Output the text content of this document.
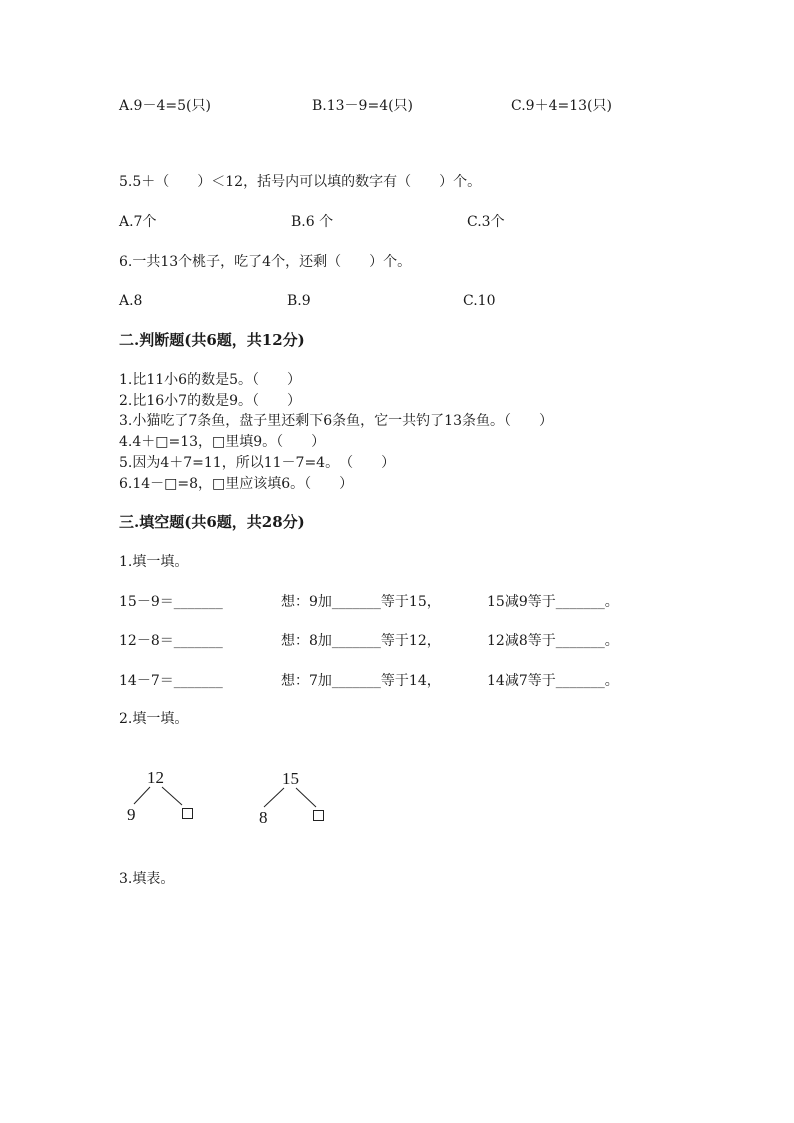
A.9－4=5(只)	B.13－9=4(只)	C.9＋4=13(只)
5.5＋（　　）＜12，括号内可以填的数字有（　　）个。
A.7个	B.6 个	C.3个
6.一共13个桃子，吃了4个，还剩（　　）个。
A.8	B.9	C.10
二.判断题(共6题，共12分)
1.比11小6的数是5。（　　）
2.比16小7的数是9。（　　）
3.小猫吃了7条鱼，盘子里还剩下6条鱼，它一共钓了13条鱼。（　　）
4.4＋□=13，□里填9。（　　）
5.因为4＋7=11，所以11－7=4。　（　　）
6.14－□=8，□里应该填6。（　　）
三.填空题(共6题，共28分)
1.填一填。
15－9＝_______	想：9加_______等于15，	15减9等于_______。
12－8＝_______	想：8加_______等于12，	12减8等于_______。
14－7＝_______	想：7加_______等于14，	14减7等于_______。
2.填一填。
12
9
15
8
3.填表。
